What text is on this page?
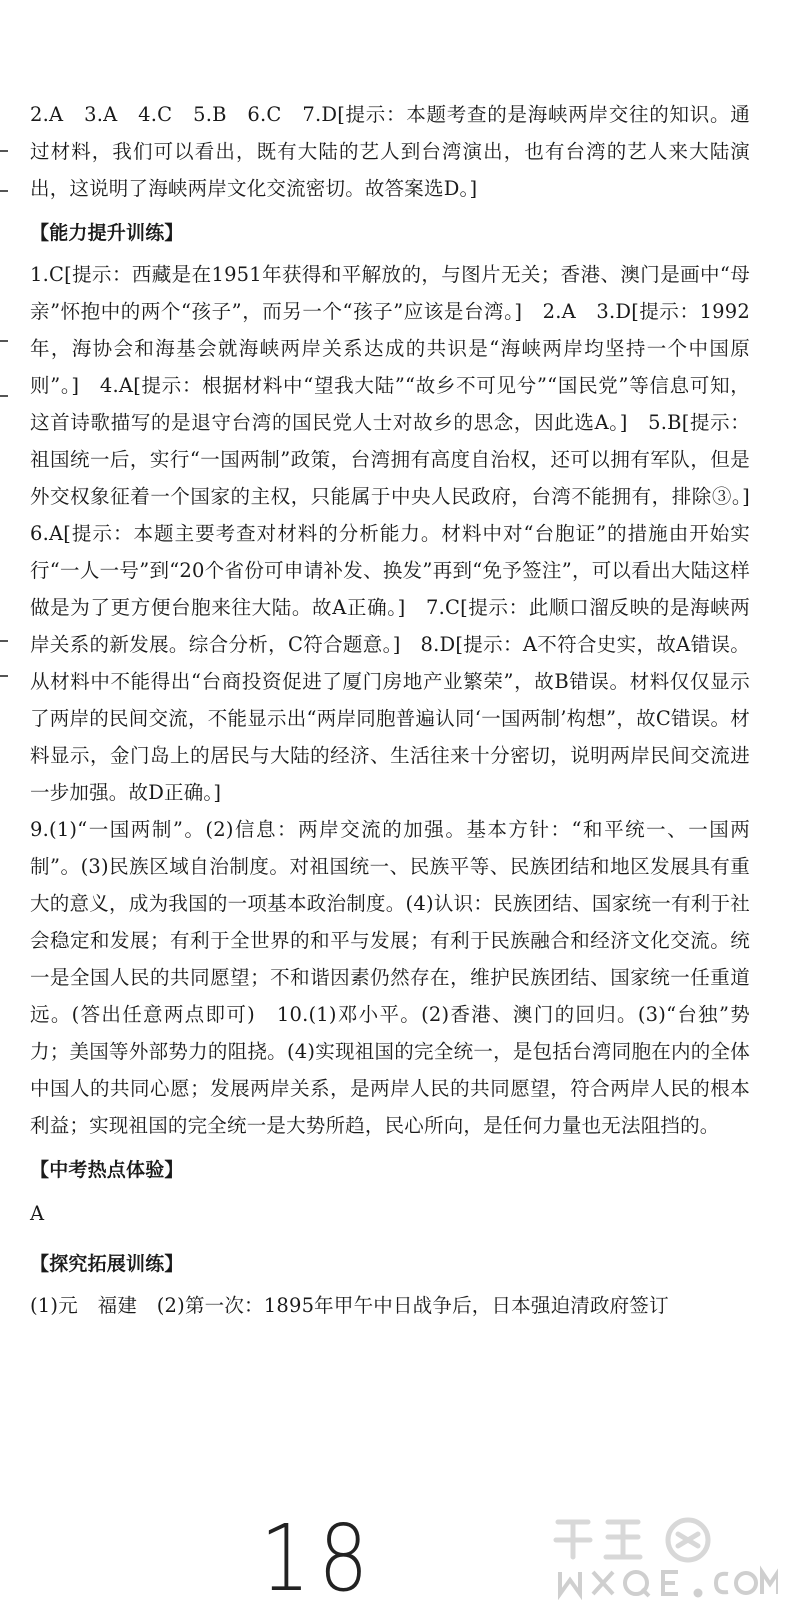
2.A　3.A　4.C　5.B　6.C　7.D[提示：本题考查的是海峡两岸交往的知识。通过材料，我们可以看出，既有大陆的艺人到台湾演出，也有台湾的艺人来大陆演出，这说明了海峡两岸文化交流密切。故答案选D。]

【能力提升训练】

1.C[提示：西藏是在1951年获得和平解放的，与图片无关；香港、澳门是画中“母亲”怀抱中的两个“孩子”，而另一个“孩子”应该是台湾。]　2.A　3.D[提示：1992年，海协会和海基会就海峡两岸关系达成的共识是“海峡两岸均坚持一个中国原则”。]　4.A[提示：根据材料中“望我大陆”“故乡不可见兮”“国民党”等信息可知，这首诗歌描写的是退守台湾的国民党人士对故乡的思念，因此选A。]　5.B[提示：祖国统一后，实行“一国两制”政策，台湾拥有高度自治权，还可以拥有军队，但是外交权象征着一个国家的主权，只能属于中央人民政府，台湾不能拥有，排除③。]　6.A[提示：本题主要考查对材料的分析能力。材料中对“台胞证”的措施由开始实行“一人一号”到“20个省份可申请补发、换发”再到“免予签注”，可以看出大陆这样做是为了更方便台胞来往大陆。故A正确。]　7.C[提示：此顺口溜反映的是海峡两岸关系的新发展。综合分析，C符合题意。]　8.D[提示：A不符合史实，故A错误。从材料中不能得出“台商投资促进了厦门房地产业繁荣”，故B错误。材料仅仅显示了两岸的民间交流，不能显示出“两岸同胞普遍认同‘一国两制’构想”，故C错误。材料显示，金门岛上的居民与大陆的经济、生活往来十分密切，说明两岸民间交流进一步加强。故D正确。]

9.(1)“一国两制”。(2)信息：两岸交流的加强。基本方针：“和平统一、一国两制”。(3)民族区域自治制度。对祖国统一、民族平等、民族团结和地区发展具有重大的意义，成为我国的一项基本政治制度。(4)认识：民族团结、国家统一有利于社会稳定和发展；有利于全世界的和平与发展；有利于民族融合和经济文化交流。统一是全国人民的共同愿望；不和谐因素仍然存在，维护民族团结、国家统一任重道远。(答出任意两点即可)　10.(1)邓小平。(2)香港、澳门的回归。(3)“台独”势力；美国等外部势力的阻挠。(4)实现祖国的完全统一，是包括台湾同胞在内的全体中国人的共同心愿；发展两岸关系，是两岸人民的共同愿望，符合两岸人民的根本利益；实现祖国的完全统一是大势所趋，民心所向，是任何力量也无法阻挡的。

【中考热点体验】

A

【探究拓展训练】

(1)元　福建　(2)第一次：1895年甲午中日战争后，日本强迫清政府签订

18
